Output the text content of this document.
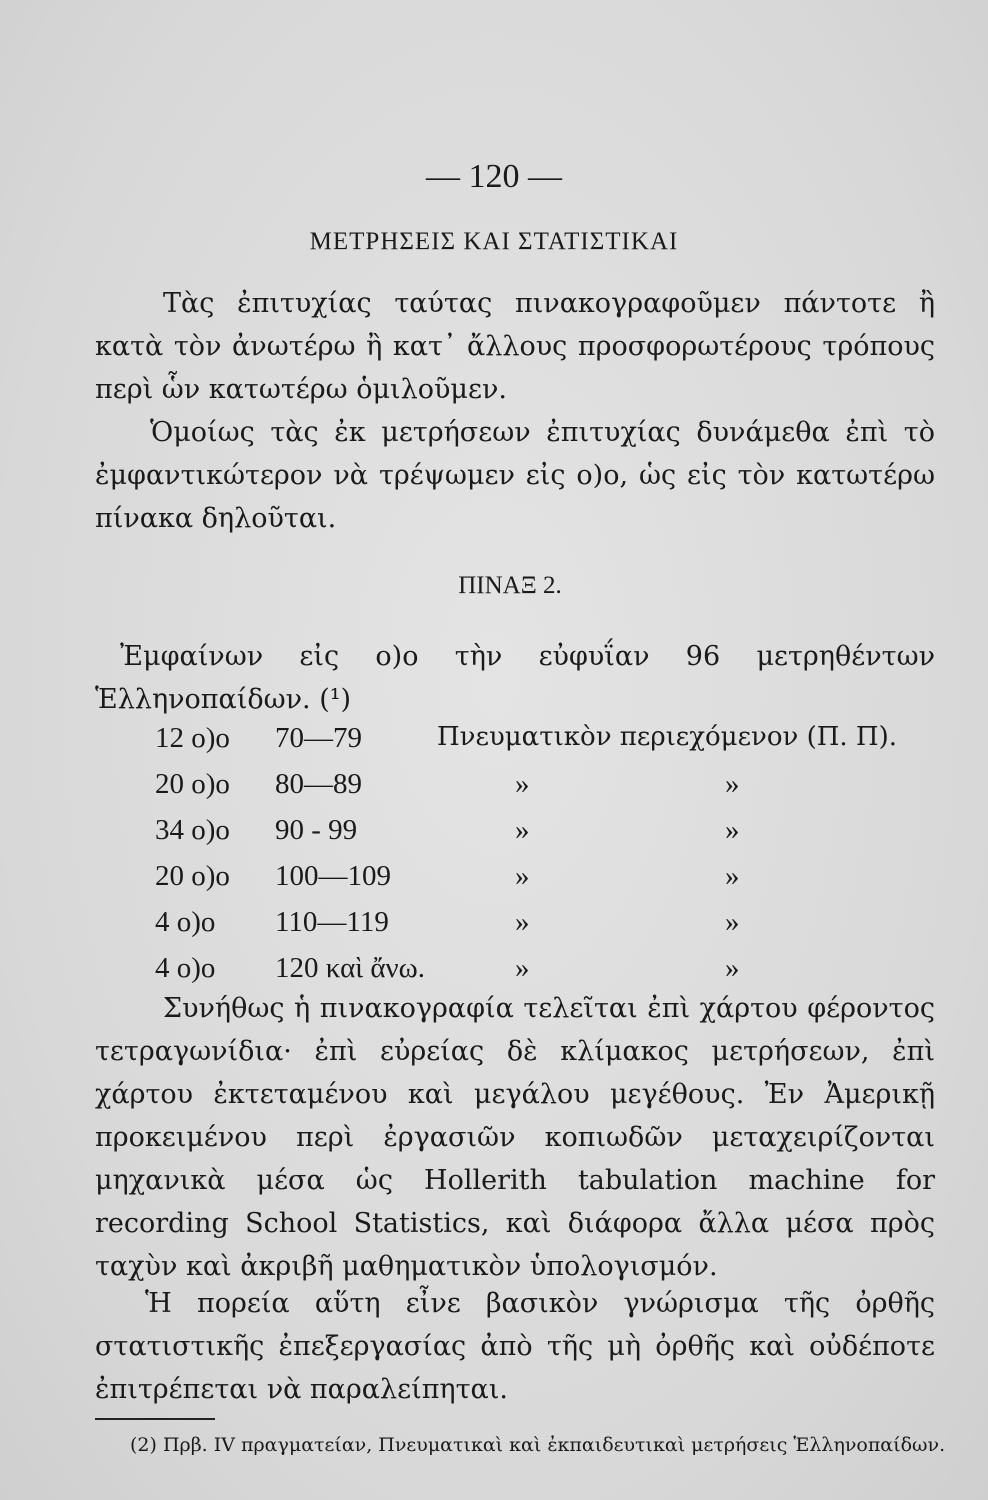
— 120 —
ΜΕΤΡΗΣΕΙΣ ΚΑΙ ΣΤΑΤΙΣΤΙΚΑΙ
Τὰς ἐπιτυχίας ταύτας πινακογραφοῦμεν πάντοτε ἢ κατὰ τὸν ἀνωτέρω ἢ κατ᾿ ἄλλους προσφορωτέρους τρόπους περὶ ὧν κατωτέρω ὁμιλοῦμεν.
Ὁμοίως τὰς ἐκ μετρήσεων ἐπιτυχίας δυνάμεθα ἐπὶ τὸ ἐμφαντικώτερον νὰ τρέψωμεν εἰς ο)ο, ὡς εἰς τὸν κατωτέρω πίνακα δηλοῦται.
ΠΙΝΑΞ 2.
Ἐμφαίνων εἰς ο)ο τὴν εὐφυΐαν 96 μετρηθέντων Ἑλληνοπαίδων. (¹)
12 ο)ο 70—79	Πνευματικὸν περιεχόμενον (Π. Π).
20 ο)ο 80—89	»	»
34 ο)ο 90 - 99	»	»
20 ο)ο 100—109	»	»
4 ο)ο 110—119	»	»
4 ο)ο 120 καὶ ἄνω.	»	»
Συνήθως ἡ πινακογραφία τελεῖται ἐπὶ χάρτου φέροντος τετραγωνίδια· ἐπὶ εὐρείας δὲ κλίμακος μετρήσεων, ἐπὶ χάρτου ἐκτεταμένου καὶ μεγάλου μεγέθους. Ἐν Ἀμερικῇ προκειμένου περὶ ἐργασιῶν κοπιωδῶν μεταχειρίζονται μηχανικὰ μέσα ὡς Hollerith tabulation machine for recording School Statistics, καὶ διάφορα ἄλλα μέσα πρὸς ταχὺν καὶ ἀκριβῆ μαθηματικὸν ὑπολογισμόν.
Ἡ πορεία αὕτη εἶνε βασικὸν γνώρισμα τῆς ὀρθῆς στατιστικῆς ἐπεξεργασίας ἀπὸ τῆς μὴ ὀρθῆς καὶ οὐδέποτε ἐπιτρέπεται νὰ παραλείπηται.
(2) Πρβ. IV πραγματείαν, Πνευματικαὶ καὶ ἐκπαιδευτικαὶ μετρήσεις Ἑλληνοπαίδων.
